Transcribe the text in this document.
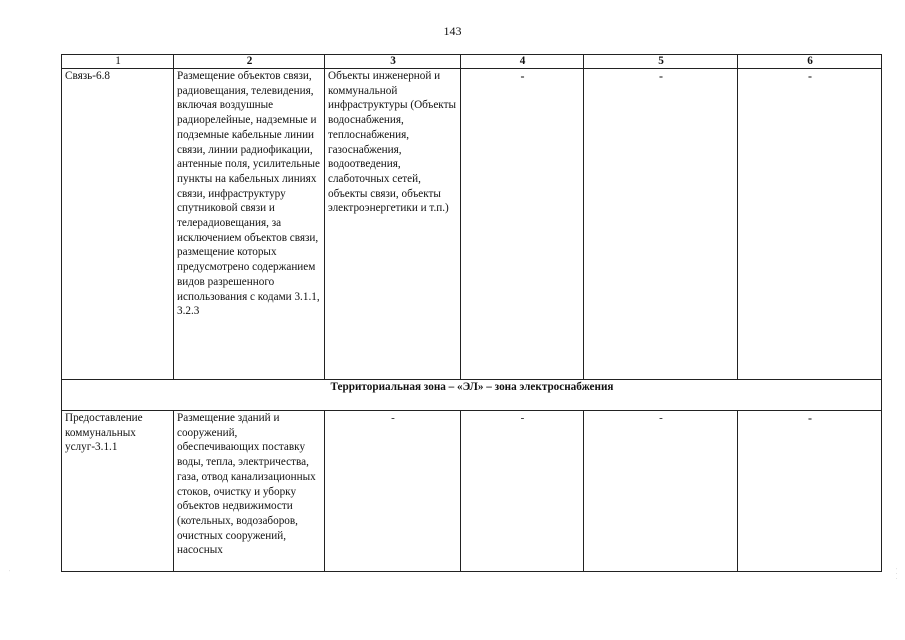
143
1	2	3	4	5	6
Связь-6.8	Размещение объектов связи, радиовещания, телевидения, включая воздушные радиорелейные, надземные и подземные кабельные линии связи, линии радиофикации, антенные поля, усилительные пункты на кабельных линиях связи, инфраструктуру спутниковой связи и телерадиовещания, за исключением объектов связи, размещение которых предусмотрено содержанием видов разрешенного использования с кодами 3.1.1, 3.2.3	Объекты инженерной и коммунальной инфраструктуры (Объекты водоснабжения, теплоснабжения, газоснабжения, водоотведения, слаботочных сетей, объекты связи, объекты электроэнергетики и т.п.)	-	-	-
Территориальная зона – «ЭЛ» – зона электроснабжения					
Предоставление коммунальных услуг-3.1.1	Размещение зданий и сооружений, обеспечивающих поставку воды, тепла, электричества, газа, отвод канализационных стоков, очистку и уборку объектов недвижимости (котельных, водозаборов, очистных сооружений, насосных	-	-	-	-
·	· · ·
